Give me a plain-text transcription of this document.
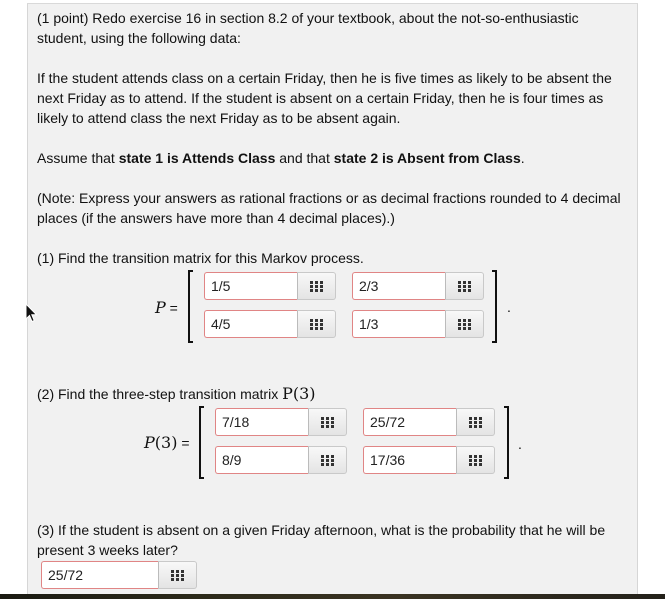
(1 point) Redo exercise 16 in section 8.2 of your textbook, about the not-so-enthusiastic student, using the following data:
If the student attends class on a certain Friday, then he is five times as likely to be absent the next Friday as to attend. If the student is absent on a certain Friday, then he is four times as likely to attend class the next Friday as to be absent again.
Assume that state 1 is Attends Class and that state 2 is Absent from Class.
(Note: Express your answers as rational fractions or as decimal fractions rounded to 4 decimal places (if the answers have more than 4 decimal places).)
(1) Find the transition matrix for this Markov process.
P =
1/5
2/3
4/5
1/3	.
(2) Find the three-step transition matrix P(3)
P(3) =
7/18
25/72
8/9
17/36	.
(3) If the student is absent on a given Friday afternoon, what is the probability that he will be present 3 weeks later?
25/72
